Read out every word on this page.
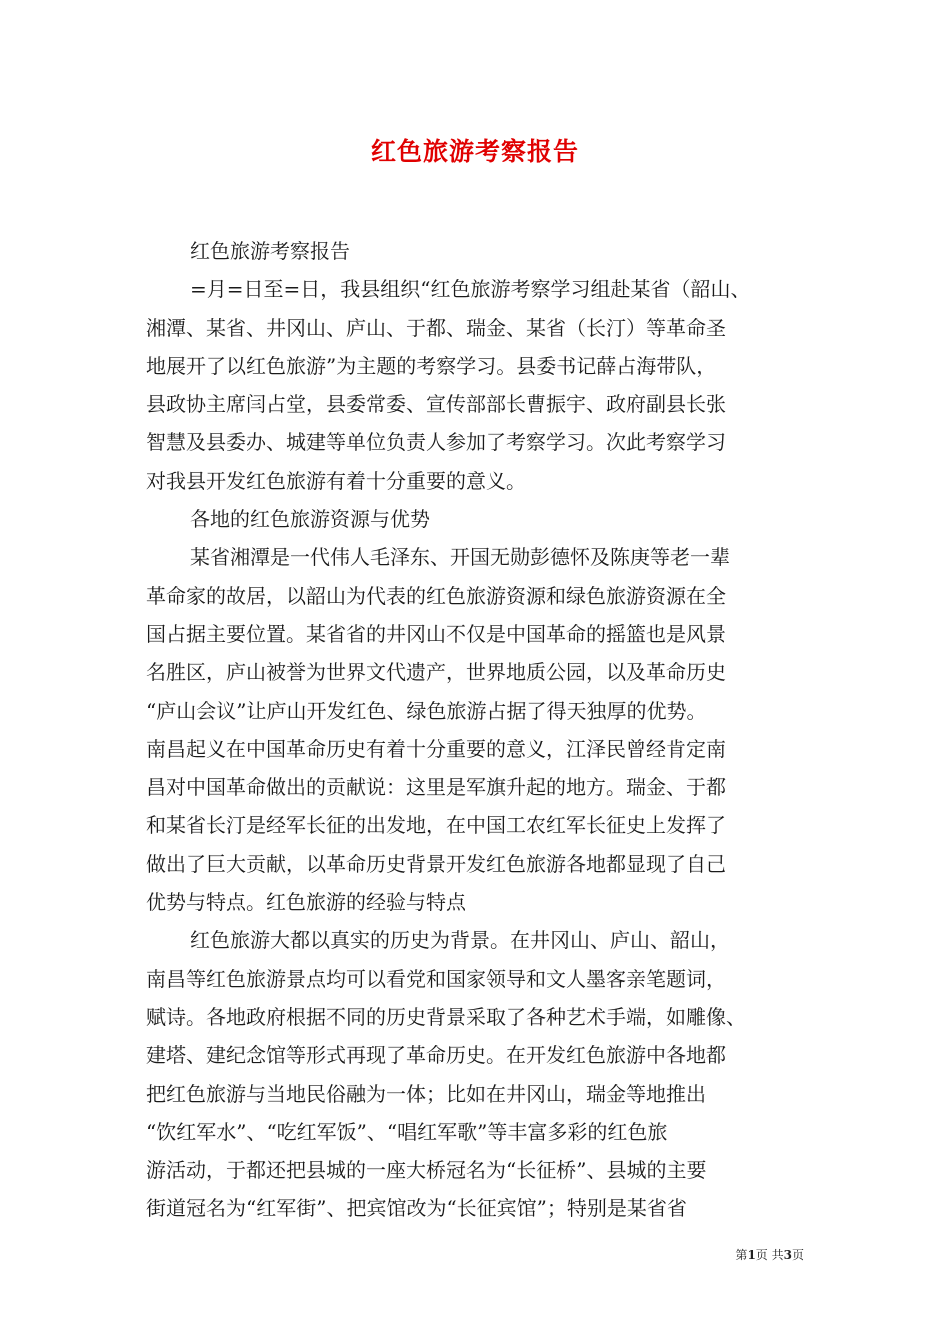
红色旅游考察报告

红色旅游考察报告

=月=日至=日，我县组织“红色旅游考察学习组赴某省（韶山、

湘潭、某省、井冈山、庐山、于都、瑞金、某省（长汀）等革命圣

地展开了以红色旅游”为主题的考察学习。县委书记薛占海带队，

县政协主席闫占堂，县委常委、宣传部部长曹振宇、政府副县长张

智慧及县委办、城建等单位负责人参加了考察学习。次此考察学习

对我县开发红色旅游有着十分重要的意义。

各地的红色旅游资源与优势

某省湘潭是一代伟人毛泽东、开国无勋彭德怀及陈庚等老一辈

革命家的故居，以韶山为代表的红色旅游资源和绿色旅游资源在全

国占据主要位置。某省省的井冈山不仅是中国革命的摇篮也是风景

名胜区，庐山被誉为世界文代遗产，世界地质公园，以及革命历史

“庐山会议”让庐山开发红色、绿色旅游占据了得天独厚的优势。

南昌起义在中国革命历史有着十分重要的意义，江泽民曾经肯定南

昌对中国革命做出的贡献说：这里是军旗升起的地方。瑞金、于都

和某省长汀是经军长征的出发地，在中国工农红军长征史上发挥了

做出了巨大贡献，以革命历史背景开发红色旅游各地都显现了自己

优势与特点。红色旅游的经验与特点

红色旅游大都以真实的历史为背景。在井冈山、庐山、韶山，

南昌等红色旅游景点均可以看党和国家领导和文人墨客亲笔题词，

赋诗。各地政府根据不同的历史背景采取了各种艺术手端，如雕像、

建塔、建纪念馆等形式再现了革命历史。在开发红色旅游中各地都

把红色旅游与当地民俗融为一体；比如在井冈山，瑞金等地推出

“饮红军水”、“吃红军饭”、“唱红军歌”等丰富多彩的红色旅

游活动，于都还把县城的一座大桥冠名为“长征桥”、县城的主要

街道冠名为“红军街”、把宾馆改为“长征宾馆”；特别是某省省

第1页 共3页
